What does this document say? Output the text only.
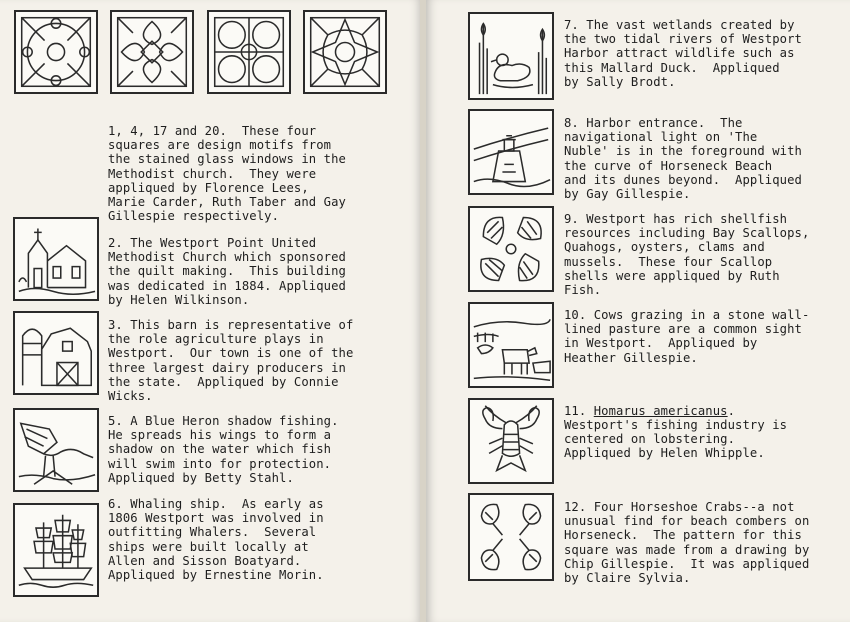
1, 4, 17 and 20.  These four
squares are design motifs from
the stained glass windows in the
Methodist church.  They were
appliqued by Florence Lees,
Marie Carder, Ruth Taber and Gay
Gillespie respectively.
2. The Westport Point United
Methodist Church which sponsored
the quilt making.  This building
was dedicated in 1884. Appliqued
by Helen Wilkinson.
3. This barn is representative of
the role agriculture plays in
Westport.  Our town is one of the
three largest dairy producers in
the state.  Appliqued by Connie
Wicks.
5. A Blue Heron shadow fishing.
He spreads his wings to form a
shadow on the water which fish
will swim into for protection.
Appliqued by Betty Stahl.
6. Whaling ship.  As early as
1806 Westport was involved in
outfitting Whalers.  Several
ships were built locally at
Allen and Sisson Boatyard.
Appliqued by Ernestine Morin.
7. The vast wetlands created by
the two tidal rivers of Westport
Harbor attract wildlife such as
this Mallard Duck.  Appliqued
by Sally Brodt.
8. Harbor entrance.  The
navigational light on 'The
Nuble' is in the foreground with
the curve of Horseneck Beach
and its dunes beyond.  Appliqued
by Gay Gillespie.
9. Westport has rich shellfish
resources including Bay Scallops,
Quahogs, oysters, clams and
mussels.  These four Scallop
shells were appliqued by Ruth
Fish.
10. Cows grazing in a stone wall-
lined pasture are a common sight
in Westport.  Appliqued by
Heather Gillespie.
11. Homarus americanus.
Westport's fishing industry is
centered on lobstering.
Appliqued by Helen Whipple.
12. Four Horseshoe Crabs--a not
unusual find for beach combers on
Horseneck.  The pattern for this
square was made from a drawing by
Chip Gillespie.  It was appliqued
by Claire Sylvia.
